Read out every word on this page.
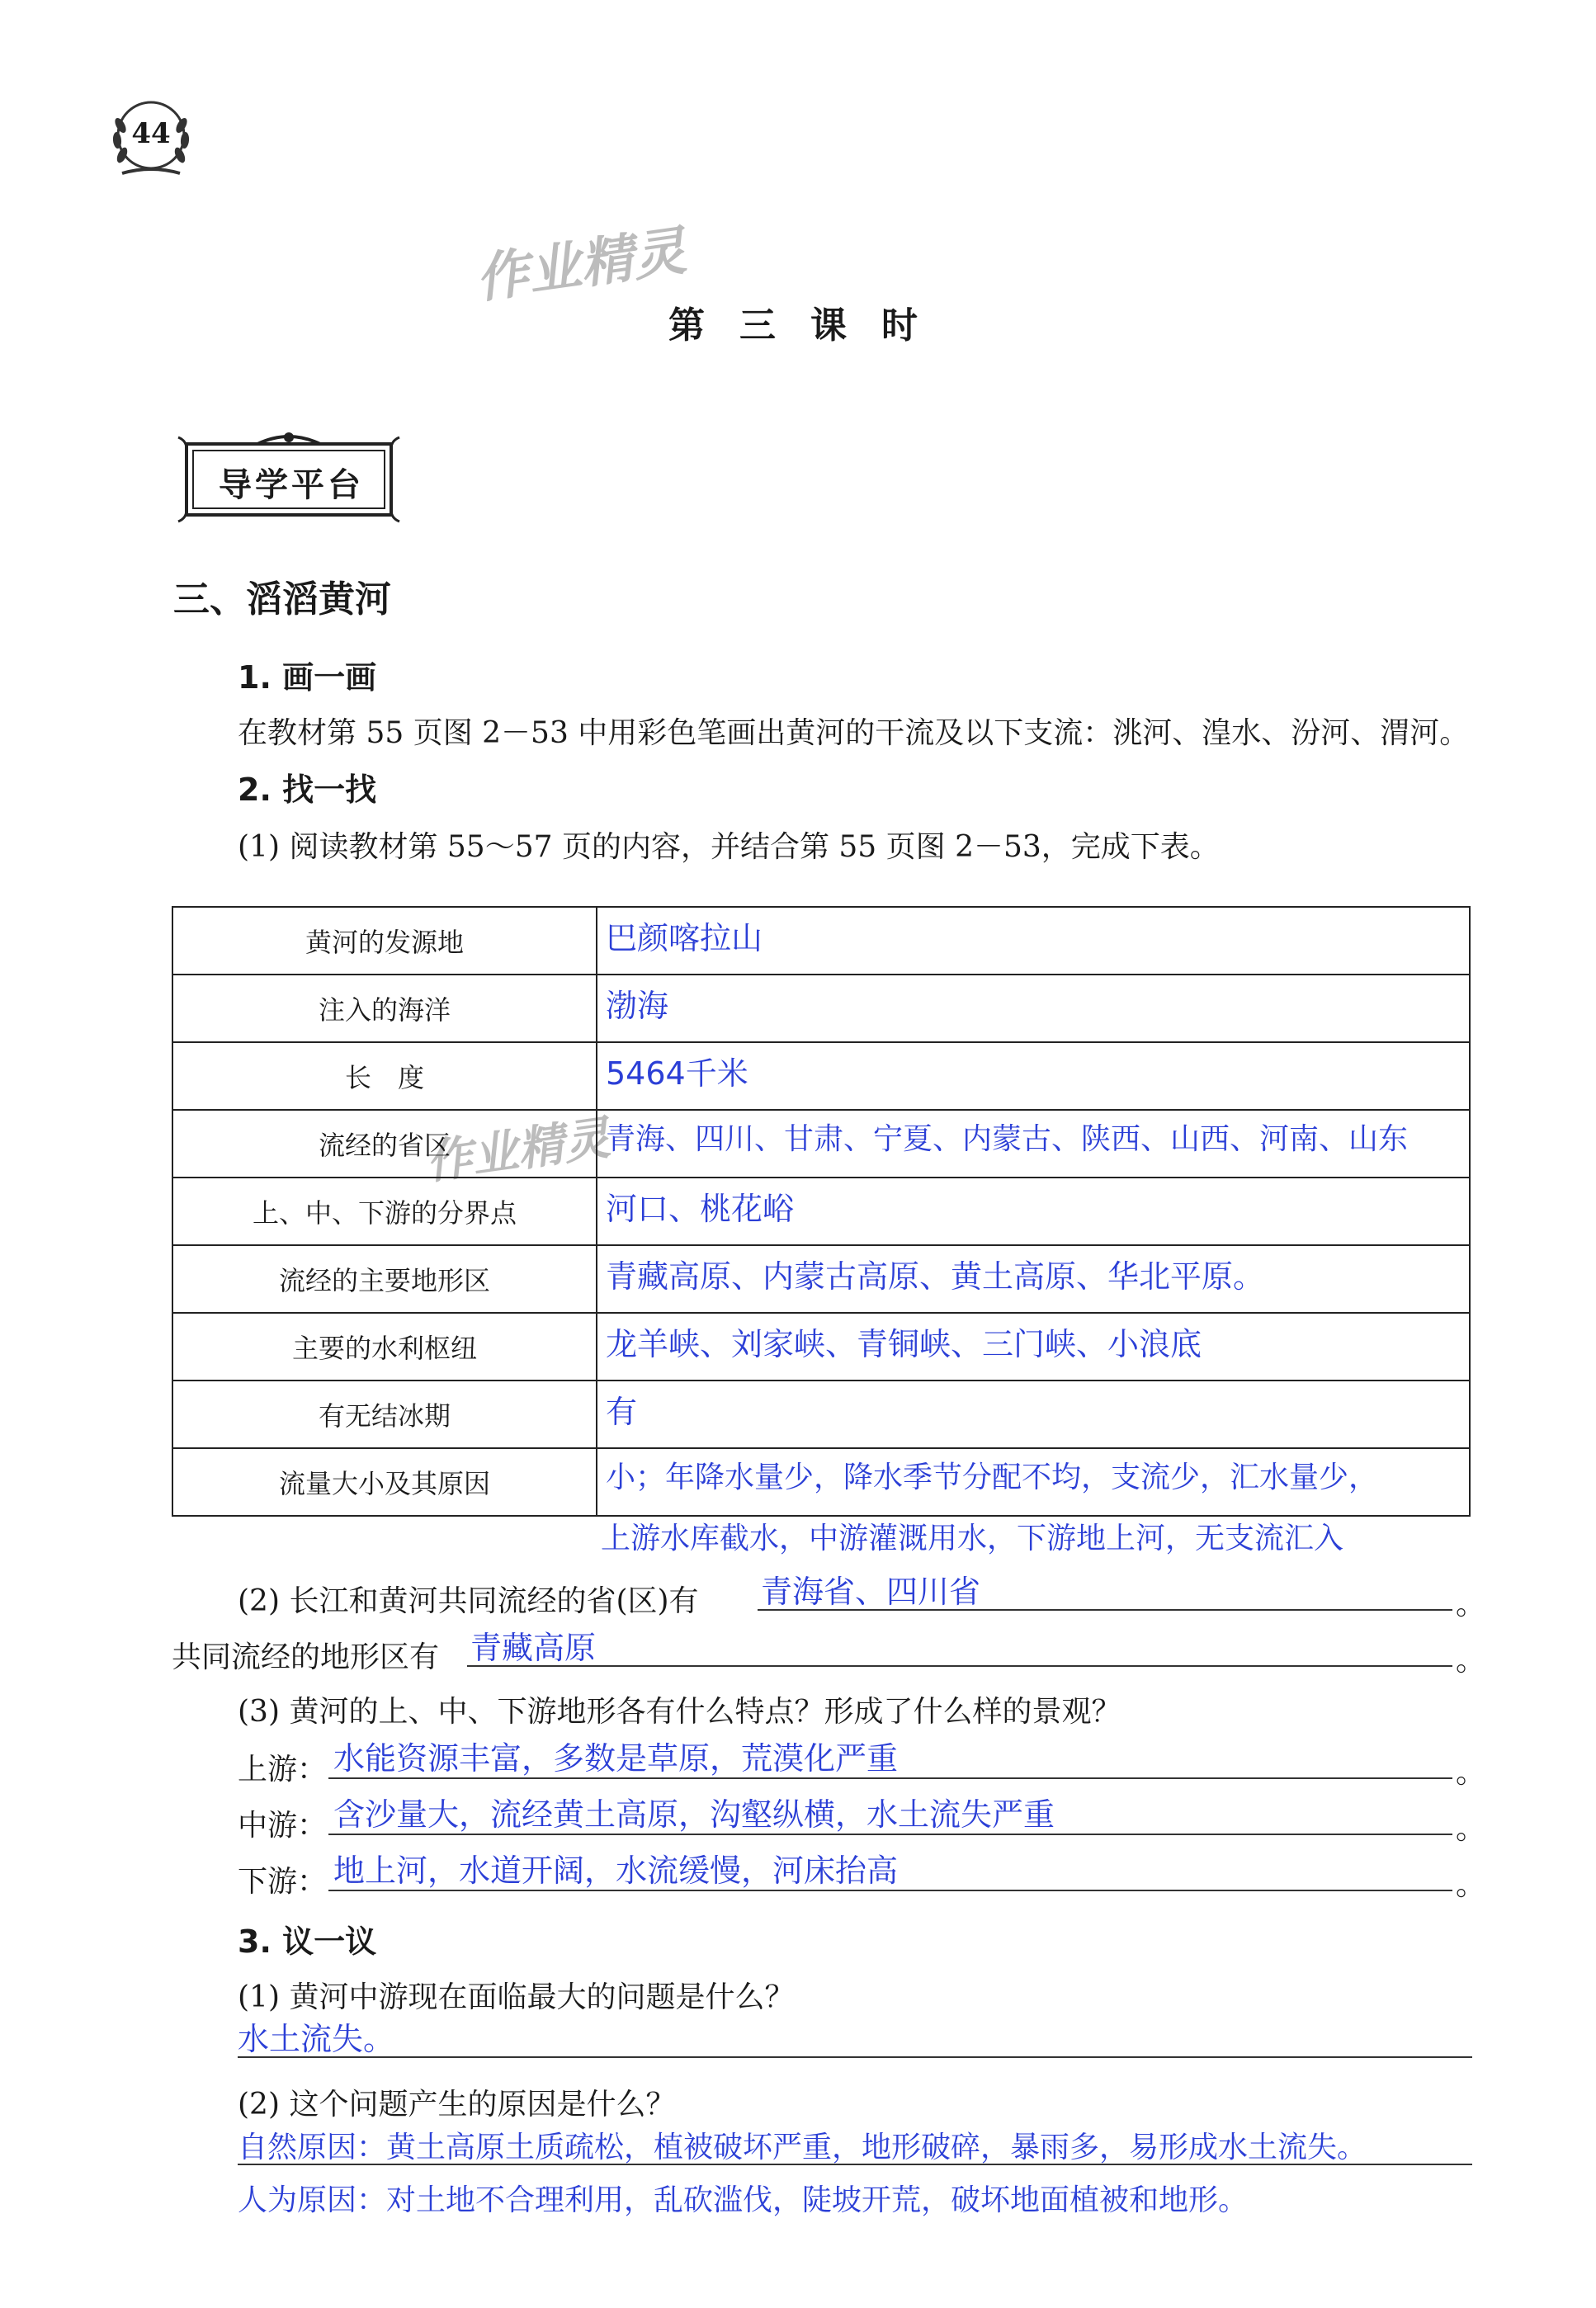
44
作业精灵
作业精灵
第三课时
导学平台
三、滔滔黄河
1. 画一画
在教材第 55 页图 2－53 中用彩色笔画出黄河的干流及以下支流：洮河、湟水、汾河、渭河。
2. 找一找
(1) 阅读教材第 55～57 页的内容，并结合第 55 页图 2－53，完成下表。
黄河的发源地	巴颜喀拉山

注入的海洋	渤海

长　度	5464千米

流经的省区	青海、四川、甘肃、宁夏、内蒙古、陕西、山西、河南、山东

上、中、下游的分界点	河口、桃花峪

流经的主要地形区	青藏高原、内蒙古高原、黄土高原、华北平原。

主要的水利枢纽	龙羊峡、刘家峡、青铜峡、三门峡、小浪底

有无结冰期	有

流量大小及其原因	小；年降水量少，降水季节分配不均，支流少，汇水量少，
上游水库截水，中游灌溉用水，下游地上河，无支流汇入
(2) 长江和黄河共同流经的省(区)有 青海省、四川省	。
共同流经的地形区有 青藏高原	。
(3) 黄河的上、中、下游地形各有什么特点？形成了什么样的景观？
上游： 水能资源丰富，多数是草原，荒漠化严重	。
中游： 含沙量大，流经黄土高原，沟壑纵横，水土流失严重	。
下游： 地上河，水道开阔，水流缓慢，河床抬高	。
3. 议一议
(1) 黄河中游现在面临最大的问题是什么？
水土流失。
(2) 这个问题产生的原因是什么？
自然原因：黄土高原土质疏松，植被破坏严重，地形破碎，暴雨多，易形成水土流失。
人为原因：对土地不合理利用，乱砍滥伐，陡坡开荒，破坏地面植被和地形。
